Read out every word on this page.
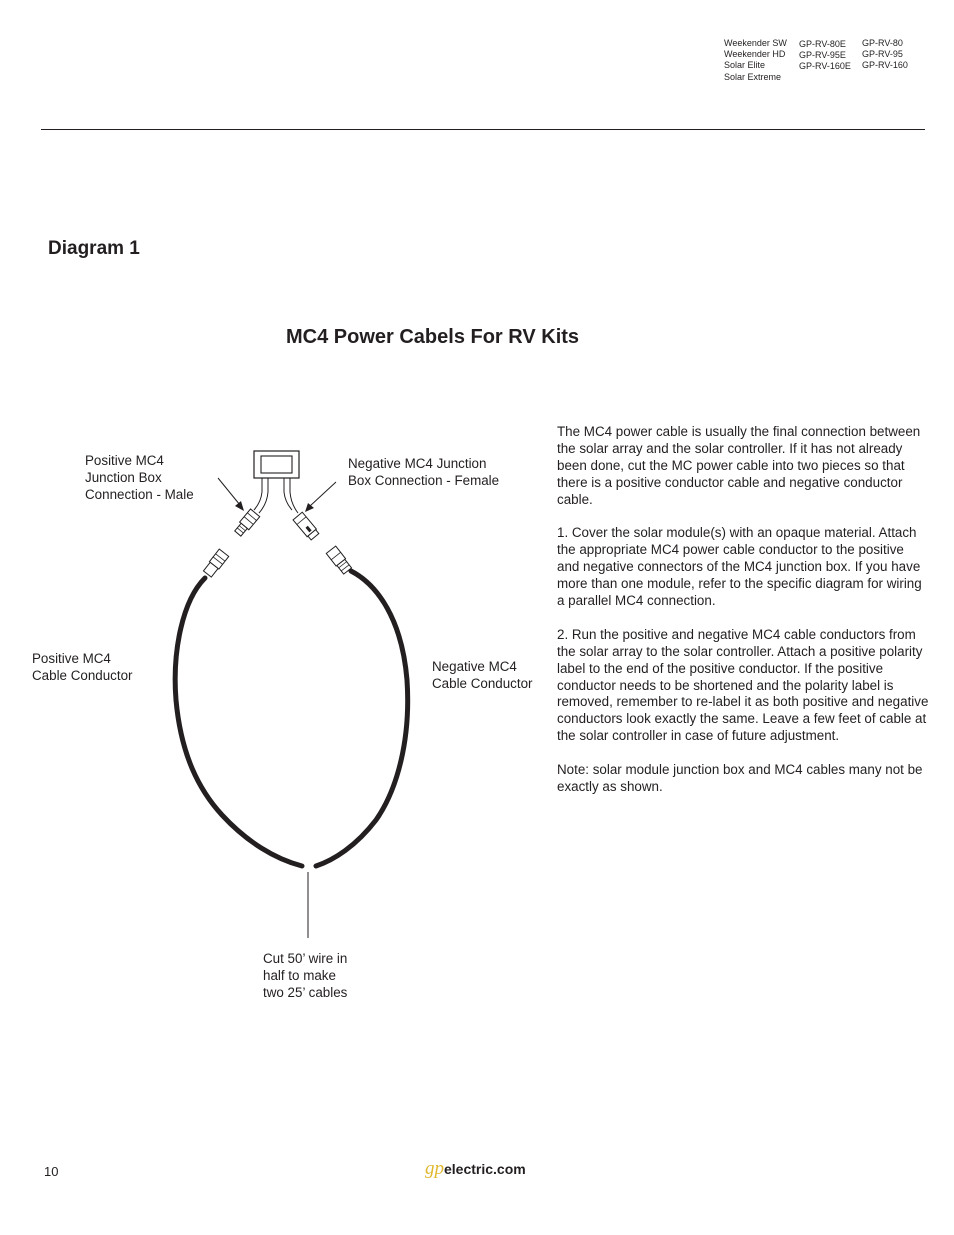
Weekender SW
Weekender HD
Solar Elite
Solar Extreme
GP-RV-80E
GP-RV-95E
GP-RV-160E
GP-RV-80
GP-RV-95
GP-RV-160
Diagram 1
MC4 Power Cabels For RV Kits
Positive MC4
Junction Box
Connection - Male
Negative MC4 Junction
Box Connection - Female
Positive MC4
Cable Conductor
Negative MC4
Cable Conductor
Cut 50’ wire in
half to make
two 25’ cables

The MC4 power cable is usually the final connection between the solar array and the solar controller. If it has not already been done, cut the MC power cable into two pieces so that there is a positive conductor cable and negative conductor cable.

1. Cover the solar module(s) with an opaque material. Attach the appropriate MC4 power cable conductor to the positive and negative connectors of the MC4 junction box. If you have more than one module, refer to the specific diagram for wiring a parallel MC4 connection.

2. Run the positive and negative MC4 cable conductors from the solar array to the solar controller. Attach a positive polarity label to the end of the positive conductor. If the positive conductor needs to be shortened and the polarity label is removed, remember to re-label it as both positive and negative conductors look exactly the same. Leave a few feet of cable at the solar controller in case of future adjustment.

Note: solar module junction box and MC4 cables many not be exactly as shown.

10	gpelectric.com
